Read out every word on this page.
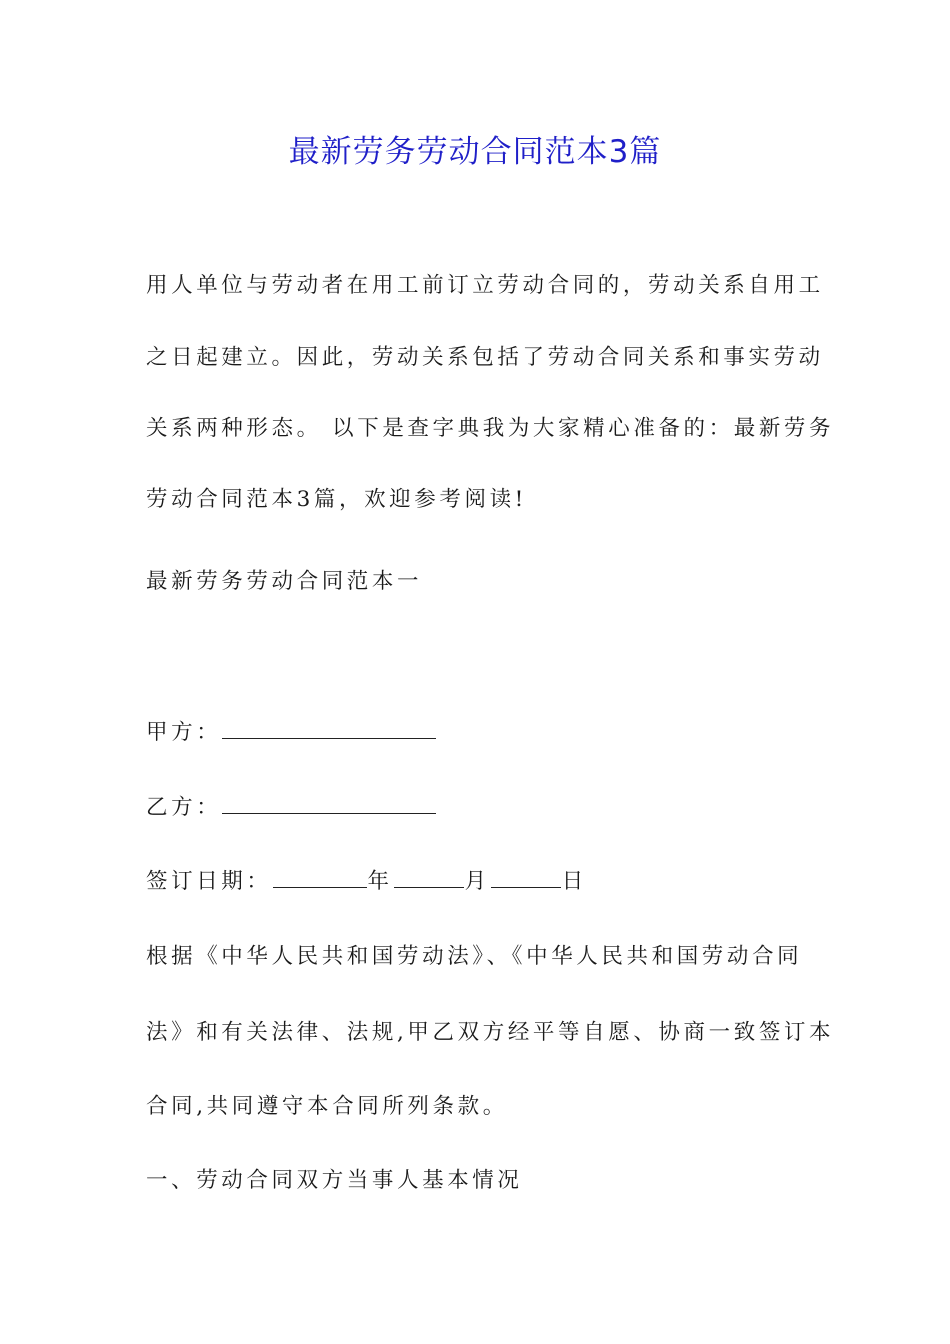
最新劳务劳动合同范本3篇
用人单位与劳动者在用工前订立劳动合同的，劳动关系自用工
之日起建立。因此，劳动关系包括了劳动合同关系和事实劳动
关系两种形态。 以下是查字典我为大家精心准备的：最新劳务
劳动合同范本3篇，欢迎参考阅读!
最新劳务劳动合同范本一
甲方：
乙方：
签订日期：	年	月	日
根据《中华人民共和国劳动法》、《中华人民共和国劳动合同
法》和有关法律、法规,甲乙双方经平等自愿、协商一致签订本
合同,共同遵守本合同所列条款。
一、劳动合同双方当事人基本情况
